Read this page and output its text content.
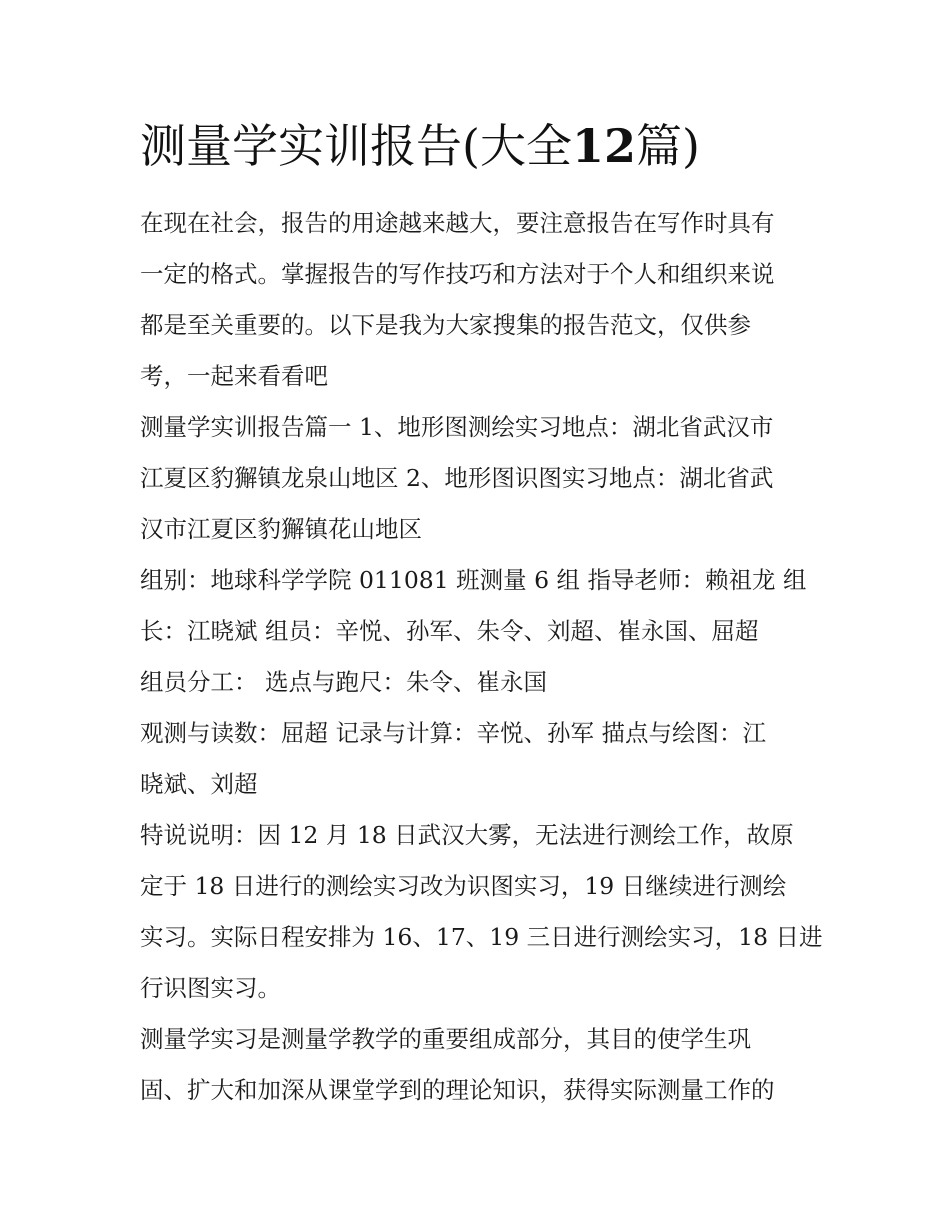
测量学实训报告(大全12篇)
在现在社会，报告的用途越来越大，要注意报告在写作时具有
一定的格式。掌握报告的写作技巧和方法对于个人和组织来说
都是至关重要的。以下是我为大家搜集的报告范文，仅供参
考，一起来看看吧
测量学实训报告篇一 1、地形图测绘实习地点：湖北省武汉市
江夏区豹獬镇龙泉山地区 2、地形图识图实习地点：湖北省武
汉市江夏区豹獬镇花山地区
组别：地球科学学院 011081 班测量 6 组 指导老师：赖祖龙 组
长：江晓斌 组员：辛悦、孙军、朱令、刘超、崔永国、屈超
组员分工： 选点与跑尺：朱令、崔永国
观测与读数：屈超 记录与计算：辛悦、孙军 描点与绘图：江
晓斌、刘超
特说说明：因 12 月 18 日武汉大雾，无法进行测绘工作，故原
定于 18 日进行的测绘实习改为识图实习，19 日继续进行测绘
实习。实际日程安排为 16、17、19 三日进行测绘实习，18 日进
行识图实习。
测量学实习是测量学教学的重要组成部分，其目的使学生巩
固、扩大和加深从课堂学到的理论知识，获得实际测量工作的
